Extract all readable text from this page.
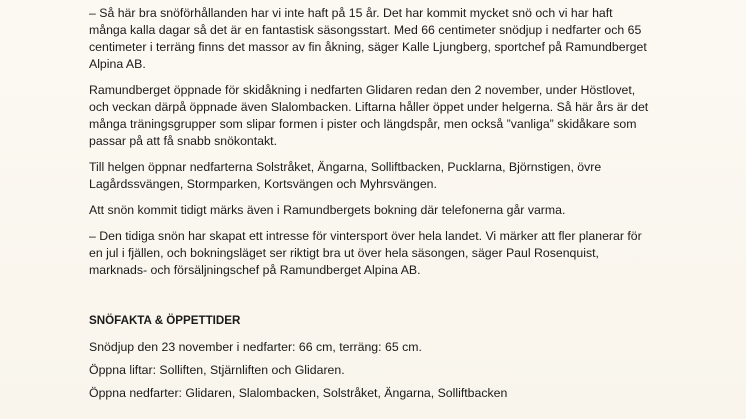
– Så här bra snöförhållanden har vi inte haft på 15 år. Det har kommit mycket snö och vi har haft många kalla dagar så det är en fantastisk säsongsstart. Med 66 centimeter snödjup i nedfarter och 65 centimeter i terräng finns det massor av fin åkning, säger Kalle Ljungberg, sportchef på Ramundberget Alpina AB.

Ramundberget öppnade för skidåkning i nedfarten Glidaren redan den 2 november, under Höstlovet, och veckan därpå öppnade även Slalombacken. Liftarna håller öppet under helgerna. Så här års är det många träningsgrupper som slipar formen i pister och längdspår, men också ”vanliga” skidåkare som passar på att få snabb snökontakt.

Till helgen öppnar nedfarterna Solstråket, Ängarna, Solliftbacken, Pucklarna, Björnstigen, övre Lagårdssvängen, Stormparken, Kortsvängen och Myhrsvängen.

Att snön kommit tidigt märks även i Ramundbergets bokning där telefonerna går varma.

– Den tidiga snön har skapat ett intresse för vintersport över hela landet. Vi märker att fler planerar för en jul i fjällen, och bokningsläget ser riktigt bra ut över hela säsongen, säger Paul Rosenquist, marknads- och försäljningschef på Ramundberget Alpina AB.

SNÖFAKTA & ÖPPETTIDER

Snödjup den 23 november i nedfarter: 66 cm, terräng: 65 cm.

Öppna liftar: Solliften, Stjärnliften och Glidaren.

Öppna nedfarter: Glidaren, Slalombacken, Solstråket, Ängarna, Solliftbacken
